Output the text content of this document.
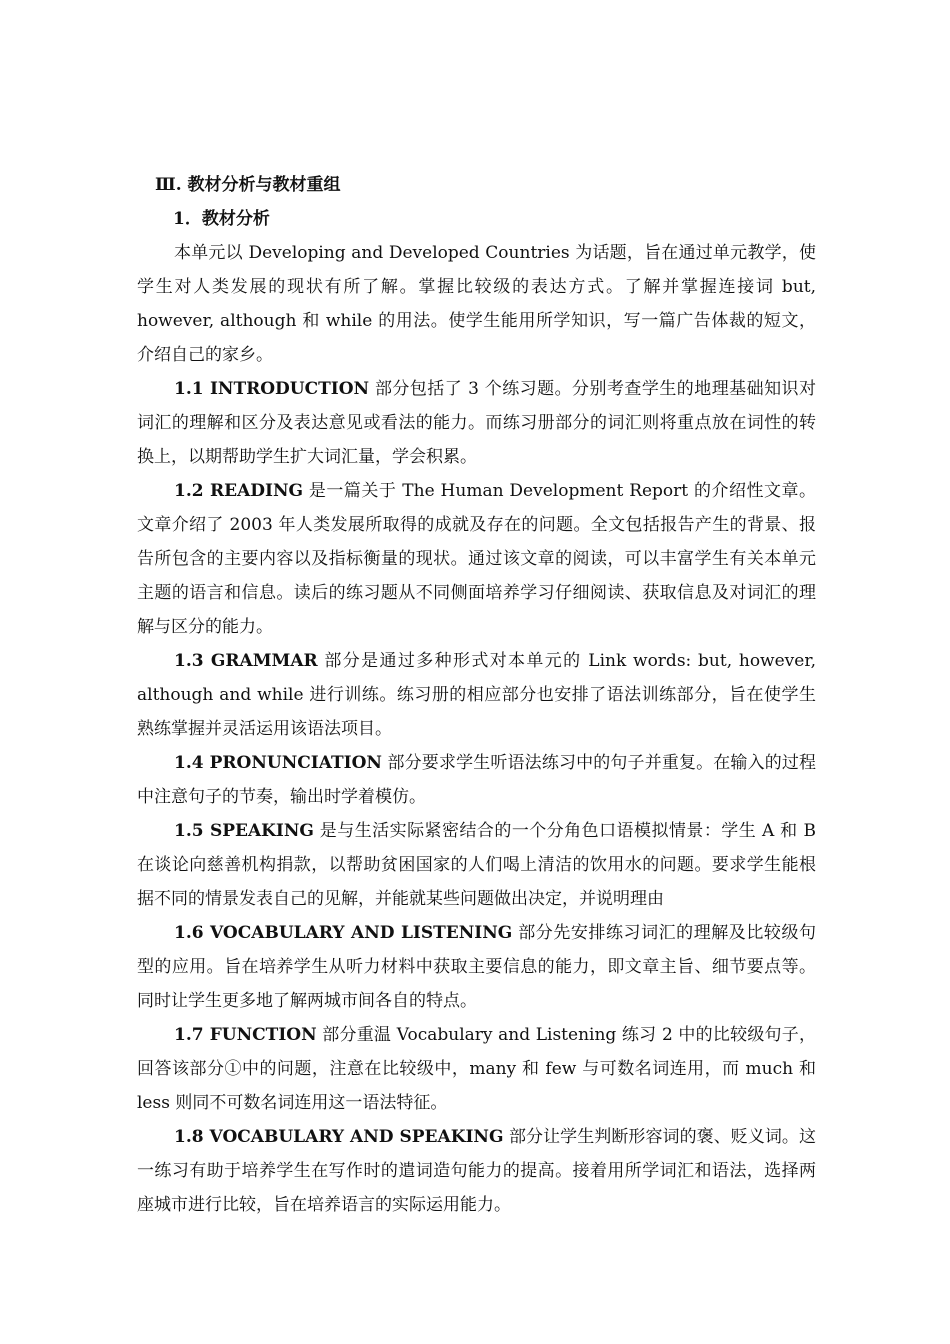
Ⅲ. 教材分析与教材重组

1．教材分析

本单元以 Developing and Developed Countries 为话题，旨在通过单元教学，使学生对人类发展的现状有所了解。掌握比较级的表达方式。了解并掌握连接词 but, however, although 和 while 的用法。使学生能用所学知识，写一篇广告体裁的短文，介绍自己的家乡。

1.1 INTRODUCTION 部分包括了 3 个练习题。分别考查学生的地理基础知识对词汇的理解和区分及表达意见或看法的能力。而练习册部分的词汇则将重点放在词性的转换上，以期帮助学生扩大词汇量，学会积累。

1.2 READING 是一篇关于 The Human Development Report 的介绍性文章。文章介绍了 2003 年人类发展所取得的成就及存在的问题。全文包括报告产生的背景、报告所包含的主要内容以及指标衡量的现状。通过该文章的阅读，可以丰富学生有关本单元主题的语言和信息。读后的练习题从不同侧面培养学习仔细阅读、获取信息及对词汇的理解与区分的能力。

1.3 GRAMMAR 部分是通过多种形式对本单元的 Link words: but, however, although and while 进行训练。练习册的相应部分也安排了语法训练部分，旨在使学生熟练掌握并灵活运用该语法项目。

1.4 PRONUNCIATION 部分要求学生听语法练习中的句子并重复。在输入的过程中注意句子的节奏，输出时学着模仿。

1.5 SPEAKING 是与生活实际紧密结合的一个分角色口语模拟情景：学生 A 和 B 在谈论向慈善机构捐款，以帮助贫困国家的人们喝上清洁的饮用水的问题。要求学生能根据不同的情景发表自己的见解，并能就某些问题做出决定，并说明理由

1.6 VOCABULARY AND LISTENING 部分先安排练习词汇的理解及比较级句型的应用。旨在培养学生从听力材料中获取主要信息的能力，即文章主旨、细节要点等。同时让学生更多地了解两城市间各自的特点。

1.7 FUNCTION 部分重温 Vocabulary and Listening 练习 2 中的比较级句子，回答该部分①中的问题，注意在比较级中，many 和 few 与可数名词连用，而 much 和 less 则同不可数名词连用这一语法特征。

1.8 VOCABULARY AND SPEAKING 部分让学生判断形容词的褒、贬义词。这一练习有助于培养学生在写作时的遣词造句能力的提高。接着用所学词汇和语法，选择两座城市进行比较，旨在培养语言的实际运用能力。
